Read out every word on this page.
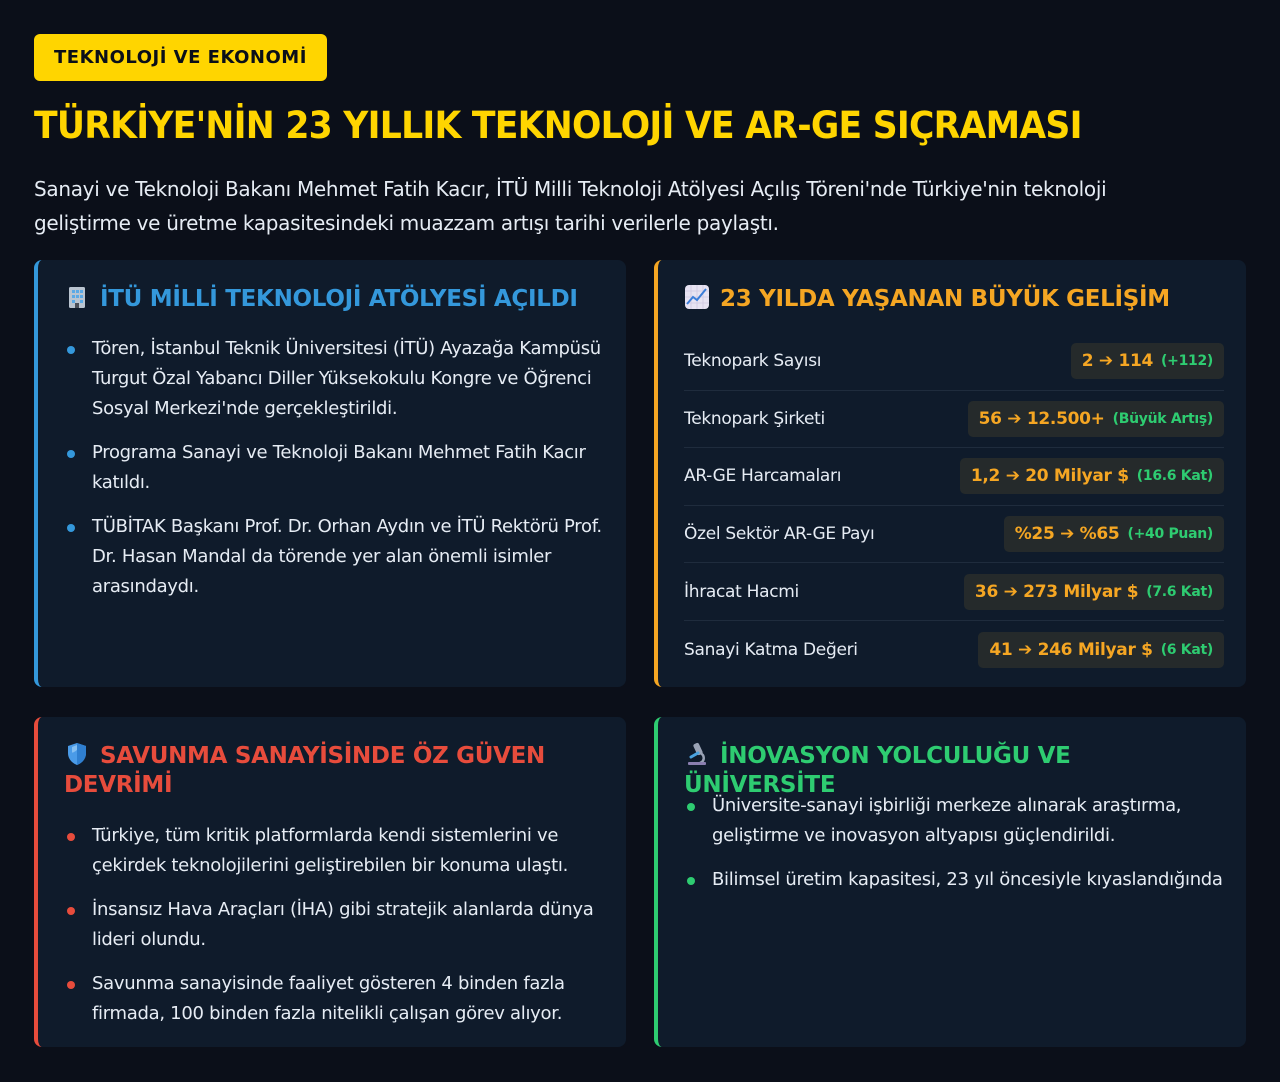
TEKNOLOJİ VE EKONOMİ
TÜRKİYE'NİN 23 YILLIK TEKNOLOJİ VE AR-GE SIÇRAMASI

Sanayi ve Teknoloji Bakanı Mehmet Fatih Kacır, İTÜ Milli Teknoloji Atölyesi Açılış Töreni'nde Türkiye'nin teknoloji geliştirme ve üretme kapasitesindeki muazzam artışı tarihi verilerle paylaştı.

İTÜ MİLLİ TEKNOLOJİ ATÖLYESİ AÇILDI
Tören, İstanbul Teknik Üniversitesi (İTÜ) Ayazağa Kampüsü Turgut Özal Yabancı Diller Yüksekokulu Kongre ve Öğrenci Sosyal Merkezi'nde gerçekleştirildi.
Programa Sanayi ve Teknoloji Bakanı Mehmet Fatih Kacır katıldı.
TÜBİTAK Başkanı Prof. Dr. Orhan Aydın ve İTÜ Rektörü Prof. Dr. Hasan Mandal da törende yer alan önemli isimler arasındaydı.
23 YILDA YAŞANAN BÜYÜK GELİŞİM
Teknopark Sayısı	2 ➔ 114 (+112)
Teknopark Şirketi	56 ➔ 12.500+ (Büyük Artış)
AR-GE Harcamaları	1,2 ➔ 20 Milyar $ (16.6 Kat)
Özel Sektör AR-GE Payı	%25 ➔ %65 (+40 Puan)
İhracat Hacmi	36 ➔ 273 Milyar $ (7.6 Kat)
Sanayi Katma Değeri	41 ➔ 246 Milyar $ (6 Kat)
SAVUNMA SANAYİSİNDE ÖZ GÜVEN DEVRİMİ
Türkiye, tüm kritik platformlarda kendi sistemlerini ve çekirdek teknolojilerini geliştirebilen bir konuma ulaştı.
İnsansız Hava Araçları (İHA) gibi stratejik alanlarda dünya lideri olundu.
Savunma sanayisinde faaliyet gösteren 4 binden fazla firmada, 100 binden fazla nitelikli çalışan görev alıyor.
İNOVASYON YOLCULUĞU VE ÜNİVERSİTE
Üniversite-sanayi işbirliği merkeze alınarak araştırma, geliştirme ve inovasyon altyapısı güçlendirildi.
Bilimsel üretim kapasitesi, 23 yıl öncesiyle kıyaslandığında
